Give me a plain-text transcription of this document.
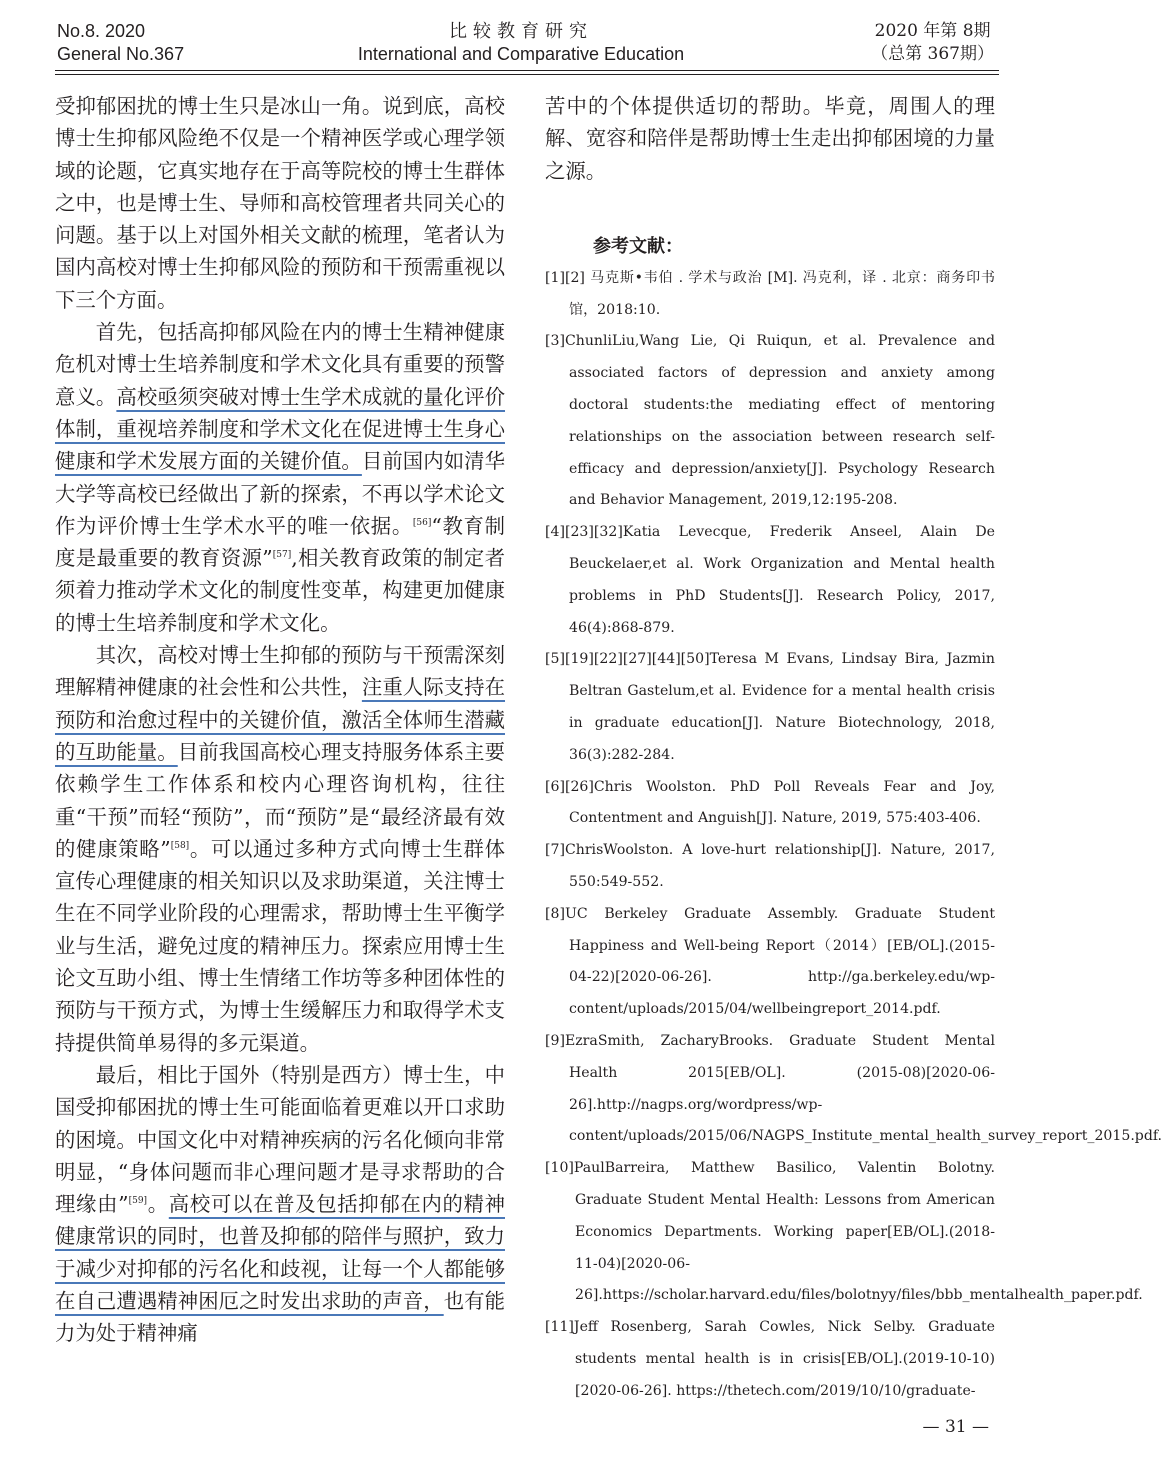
No.8. 2020
General No.367
比较教育研究
International and Comparative Education
2020 年第 8期
（总第 367期）

受抑郁困扰的博士生只是冰山一角。说到底，高校博士生抑郁风险绝不仅是一个精神医学或心理学领域的论题，它真实地存在于高等院校的博士生群体之中，也是博士生、导师和高校管理者共同关心的问题。基于以上对国外相关文献的梳理，笔者认为国内高校对博士生抑郁风险的预防和干预需重视以下三个方面。

首先，包括高抑郁风险在内的博士生精神健康危机对博士生培养制度和学术文化具有重要的预警意义。高校亟须突破对博士生学术成就的量化评价体制，重视培养制度和学术文化在促进博士生身心健康和学术发展方面的关键价值。目前国内如清华大学等高校已经做出了新的探索，不再以学术论文作为评价博士生学术水平的唯一依据。[56]“教育制度是最重要的教育资源”[57],相关教育政策的制定者须着力推动学术文化的制度性变革，构建更加健康的博士生培养制度和学术文化。

其次，高校对博士生抑郁的预防与干预需深刻理解精神健康的社会性和公共性，注重人际支持在预防和治愈过程中的关键价值，激活全体师生潜藏的互助能量。目前我国高校心理支持服务体系主要依赖学生工作体系和校内心理咨询机构，往往重“干预”而轻“预防”，而“预防”是“最经济最有效的健康策略”[58]。可以通过多种方式向博士生群体宣传心理健康的相关知识以及求助渠道，关注博士生在不同学业阶段的心理需求，帮助博士生平衡学业与生活，避免过度的精神压力。探索应用博士生论文互助小组、博士生情绪工作坊等多种团体性的预防与干预方式，为博士生缓解压力和取得学术支持提供简单易得的多元渠道。

最后，相比于国外（特别是西方）博士生，中国受抑郁困扰的博士生可能面临着更难以开口求助的困境。中国文化中对精神疾病的污名化倾向非常明显，“身体问题而非心理问题才是寻求帮助的合理缘由”[59]。高校可以在普及包括抑郁在内的精神健康常识的同时，也普及抑郁的陪伴与照护，致力于减少对抑郁的污名化和歧视，让每一个人都能够在自己遭遇精神困厄之时发出求助的声音，也有能力为处于精神痛

苦中的个体提供适切的帮助。毕竟，周围人的理解、宽容和陪伴是帮助博士生走出抑郁困境的力量之源。

参考文献：

[1][2] 马克斯•韦伯 . 学术与政治 [M]. 冯克利，译 . 北京：商务印书馆，2018:10.

[3]ChunliLiu,Wang Lie, Qi Ruiqun, et al. Prevalence and associated factors of depression and anxiety among doctoral students:the mediating effect of mentoring relationships on the association between research self-efficacy and depression/anxiety[J]. Psychology Research and Behavior Management, 2019,12:195-208.

[4][23][32]Katia Levecque, Frederik Anseel, Alain De Beuckelaer,et al. Work Organization and Mental health problems in PhD Students[J]. Research Policy, 2017, 46(4):868-879.

[5][19][22][27][44][50]Teresa M Evans, Lindsay Bira, Jazmin Beltran Gastelum,et al. Evidence for a mental health crisis in graduate education[J]. Nature Biotechnology, 2018, 36(3):282-284.

[6][26]Chris Woolston. PhD Poll Reveals Fear and Joy, Contentment and Anguish[J]. Nature, 2019, 575:403-406.

[7]ChrisWoolston. A love-hurt relationship[J]. Nature, 2017, 550:549-552.

[8]UC Berkeley Graduate Assembly. Graduate Student Happiness and Well-being Report（2014）[EB/OL].(2015-04-22)[2020-06-26]. http://ga.berkeley.edu/wp-content/uploads/2015/04/wellbeingreport_2014.pdf.

[9]EzraSmith, ZacharyBrooks. Graduate Student Mental Health 2015[EB/OL]. (2015-08)[2020-06-26].http://nagps.org/wordpress/wp-content/uploads/2015/06/NAGPS_Institute_mental_health_survey_report_2015.pdf.

[10]PaulBarreira, Matthew Basilico, Valentin Bolotny. Graduate Student Mental Health: Lessons from American Economics Departments. Working paper[EB/OL].(2018-11-04)[2020-06-26].https://scholar.harvard.edu/files/bolotnyy/files/bbb_mentalhealth_paper.pdf.

[11]Jeff Rosenberg, Sarah Cowles, Nick Selby. Graduate students mental health is in crisis[EB/OL].(2019-10-10)[2020-06-26]. https://thetech.com/2019/10/10/graduate-

— 31 —
